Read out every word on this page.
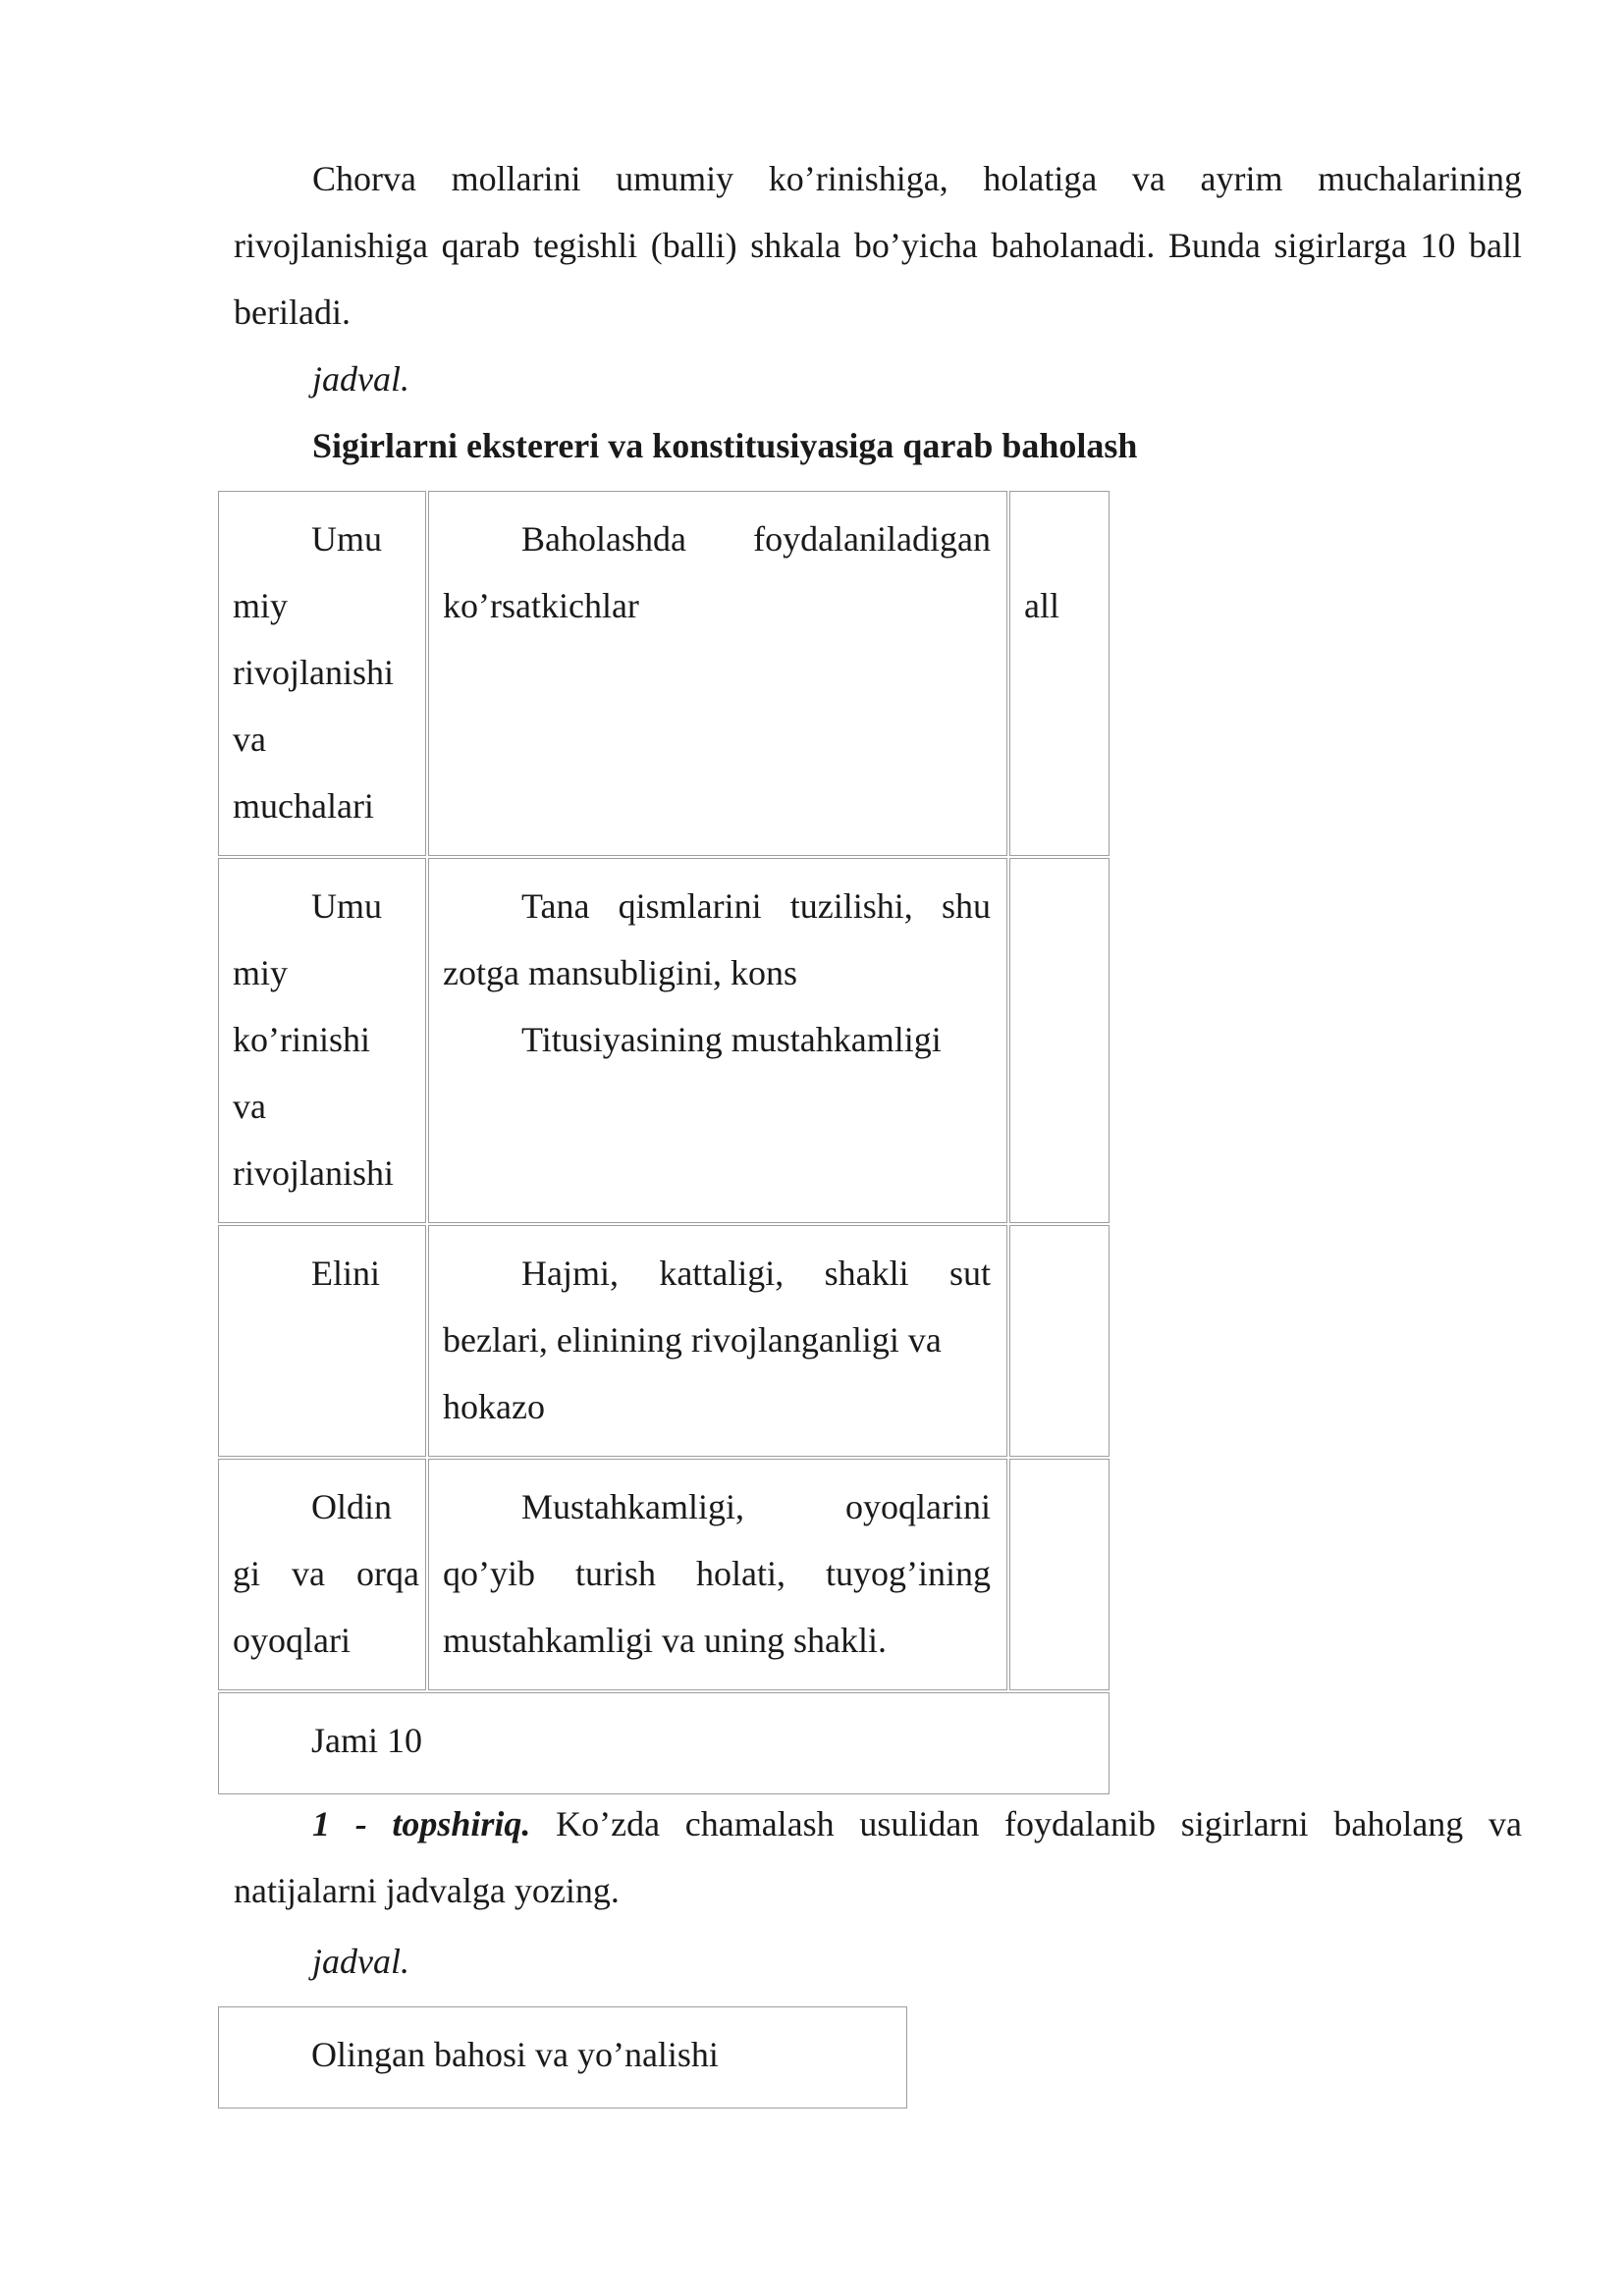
Chorva mollarini umumiy ko’rinishiga, holatiga va ayrim muchalarining rivojlanishiga qarab tegishli (balli) shkala bo’yicha baholanadi. Bunda sigirlarga 10 ball beriladi.
jadval.
Sigirlarni ekstereri va konstitusiyasiga qarab baholash
Umu
miy
rivojlanishi
va
muchalari
Baholashda foydalaniladigan
ko’rsatkichlar	all
Umu
miy
ko’rinishi
va
rivojlanishi
Tana qismlarini tuzilishi, shu
zotga mansubligini, kons
Titusiyasining mustahkamligi
Elini	Hajmi, kattaligi, shakli sut
bezlari, elinining rivojlanganligi va
hokazo
Oldin
gi va orqa
oyoqlari
Mustahkamligi, oyoqlarini
qo’yib turish holati, tuyog’ining
mustahkamligi va uning shakli.
Jami 10
1 - topshiriq. Ko’zda chamalash usulidan foydalanib sigirlarni baholang va natijalarni jadvalga yozing.
jadval.
Olingan bahosi va yo’nalishi
